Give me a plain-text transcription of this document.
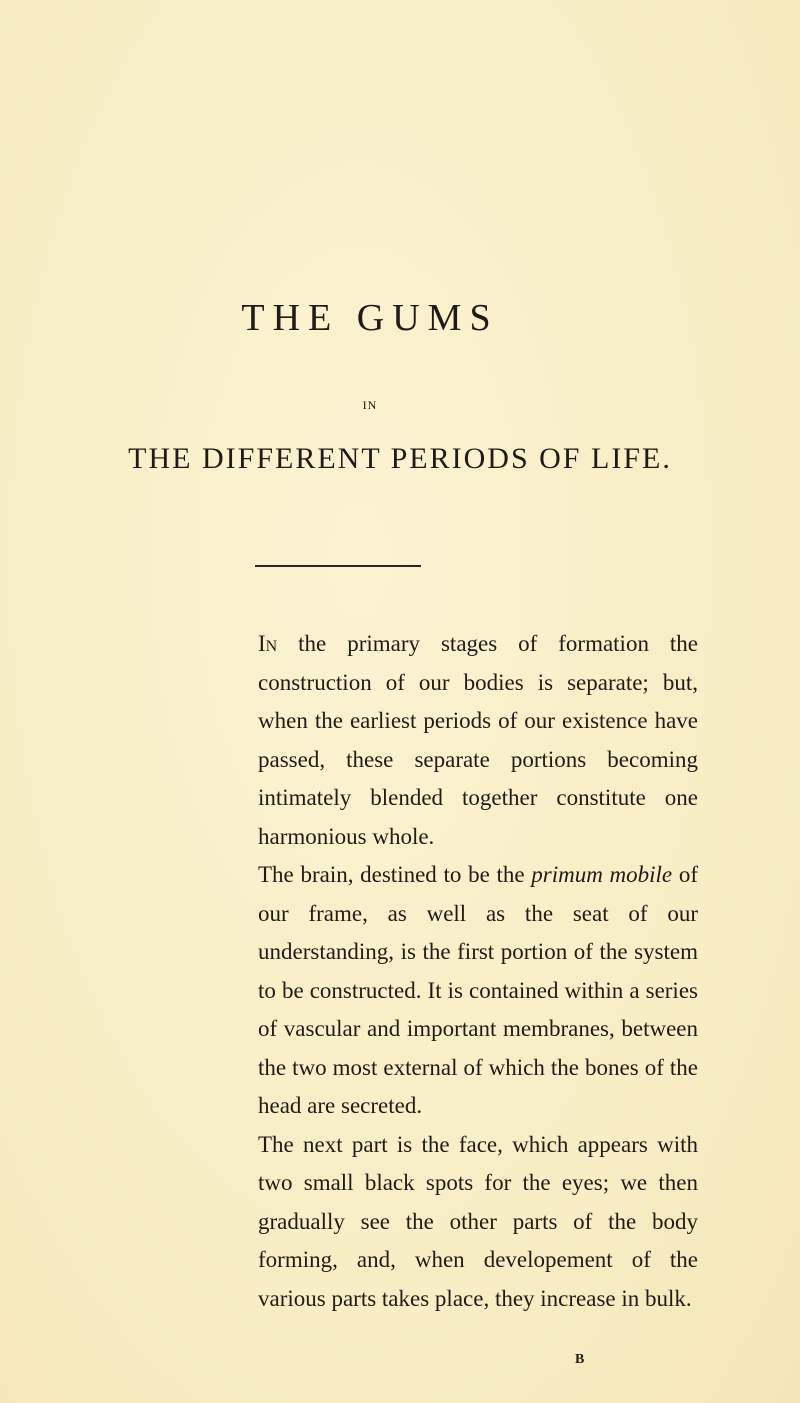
THE GUMS
IN
THE DIFFERENT PERIODS OF LIFE.

In the primary stages of formation the construction of our bodies is separate; but, when the earliest periods of our existence have passed, these separate portions becoming intimately blended together constitute one harmonious whole.

The brain, destined to be the primum mobile of our frame, as well as the seat of our understanding, is the first portion of the system to be constructed. It is contained within a series of vascular and important membranes, between the two most external of which the bones of the head are secreted.

The next part is the face, which appears with two small black spots for the eyes; we then gradually see the other parts of the body forming, and, when developement of the various parts takes place, they increase in bulk.

B
